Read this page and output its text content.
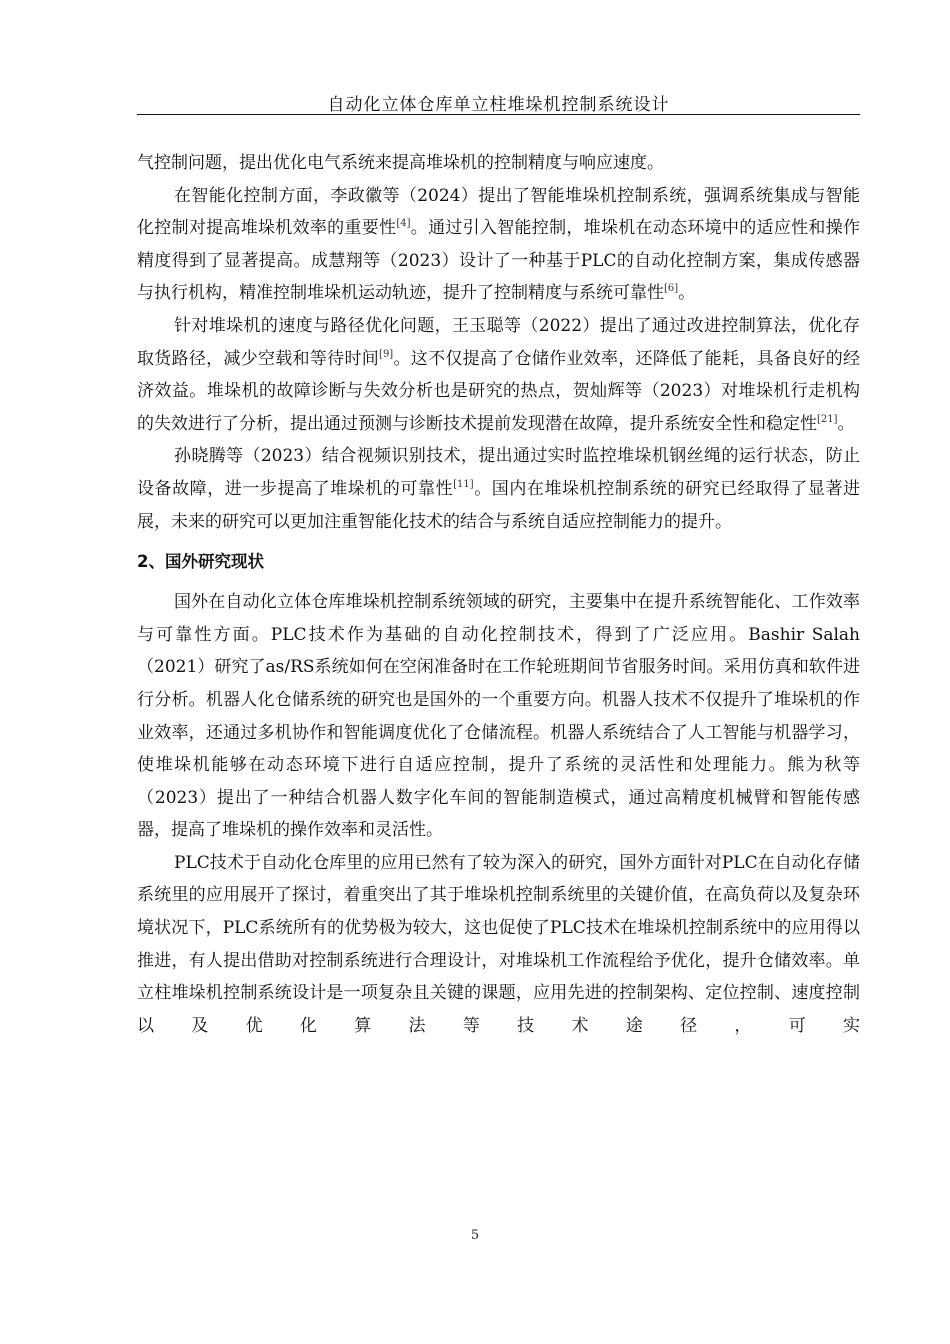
自动化立体仓库单立柱堆垛机控制系统设计

气控制问题，提出优化电气系统来提高堆垛机的控制精度与响应速度。

在智能化控制方面，李政徽等（2024）提出了智能堆垛机控制系统，强调系统集成与智能化控制对提高堆垛机效率的重要性[4]。通过引入智能控制，堆垛机在动态环境中的适应性和操作精度得到了显著提高。成慧翔等（2023）设计了一种基于PLC的自动化控制方案，集成传感器与执行机构，精准控制堆垛机运动轨迹，提升了控制精度与系统可靠性[6]。

针对堆垛机的速度与路径优化问题，王玉聪等（2022）提出了通过改进控制算法，优化存取货路径，减少空载和等待时间[9]。这不仅提高了仓储作业效率，还降低了能耗，具备良好的经济效益。堆垛机的故障诊断与失效分析也是研究的热点，贺灿辉等（2023）对堆垛机行走机构的失效进行了分析，提出通过预测与诊断技术提前发现潜在故障，提升系统安全性和稳定性[21]。

孙晓腾等（2023）结合视频识别技术，提出通过实时监控堆垛机钢丝绳的运行状态，防止设备故障，进一步提高了堆垛机的可靠性[11]。国内在堆垛机控制系统的研究已经取得了显著进展，未来的研究可以更加注重智能化技术的结合与系统自适应控制能力的提升。

2、国外研究现状

国外在自动化立体仓库堆垛机控制系统领域的研究，主要集中在提升系统智能化、工作效率与可靠性方面。PLC技术作为基础的自动化控制技术，得到了广泛应用。Bashir Salah（2021）研究了as/RS系统如何在空闲准备时在工作轮班期间节省服务时间。采用仿真和软件进行分析。机器人化仓储系统的研究也是国外的一个重要方向。机器人技术不仅提升了堆垛机的作业效率，还通过多机协作和智能调度优化了仓储流程。机器人系统结合了人工智能与机器学习，使堆垛机能够在动态环境下进行自适应控制，提升了系统的灵活性和处理能力。熊为秋等（2023）提出了一种结合机器人数字化车间的智能制造模式，通过高精度机械臂和智能传感器，提高了堆垛机的操作效率和灵活性。

PLC技术于自动化仓库里的应用已然有了较为深入的研究，国外方面针对PLC在自动化存储系统里的应用展开了探讨，着重突出了其于堆垛机控制系统里的关键价值，在高负荷以及复杂环境状况下，PLC系统所有的优势极为较大，这也促使了PLC技术在堆垛机控制系统中的应用得以推进，有人提出借助对控制系统进行合理设计，对堆垛机工作流程给予优化，提升仓储效率。单立柱堆垛机控制系统设计是一项复杂且关键的课题，应用先进的控制架构、定位控制、速度控制以及优化算法等技术途径，可实

5
